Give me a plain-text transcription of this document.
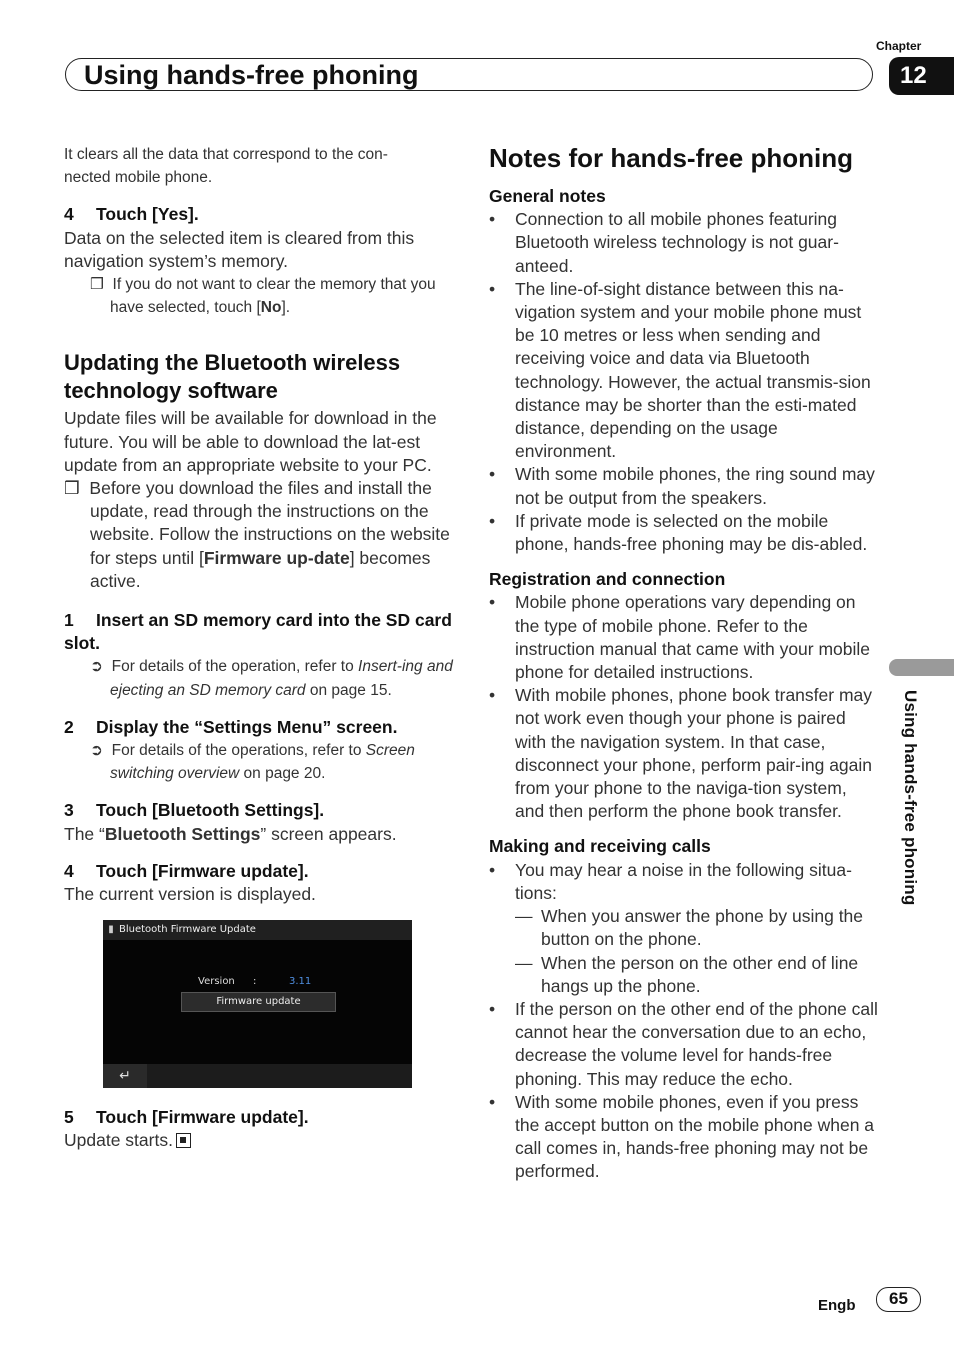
Using hands-free phoning
Chapter
12
Using hands-free phoning

It clears all the data that correspond to the con-
nected mobile phone.

4 Touch [Yes].

Data on the selected item is cleared from this navigation system’s memory.

❒  If you do not want to clear the memory that you have selected, touch [No].

Updating the Bluetooth wireless technology software

Update files will be available for download in the future. You will be able to download the lat-est update from an appropriate website to your PC.

❒  Before you download the files and install the update, read through the instructions on the website. Follow the instructions on the website for steps until [Firmware up-date] becomes active.

1 Insert an SD memory card into the SD card slot.

➲  For details of the operation, refer to Insert-ing and ejecting an SD memory card on page 15.

2 Display the “Settings Menu” screen.

➲  For details of the operations, refer to Screen switching overview on page 20.

3 Touch [Bluetooth Settings].

The “Bluetooth Settings” screen appears.

4 Touch [Firmware update].

The current version is displayed.

▮ Bluetooth Firmware Update
Version :	3.11
Firmware update
↵

5 Touch [Firmware update].

Update starts.

Notes for hands-free phoning

General notes

• Connection to all mobile phones featuring Bluetooth wireless technology is not guar-anteed.

• The line-of-sight distance between this na-vigation system and your mobile phone must be 10 metres or less when sending and receiving voice and data via Bluetooth technology. However, the actual transmis-sion distance may be shorter than the esti-mated distance, depending on the usage environment.

• With some mobile phones, the ring sound may not be output from the speakers.

• If private mode is selected on the mobile phone, hands-free phoning may be dis-abled.

Registration and connection

• Mobile phone operations vary depending on the type of mobile phone. Refer to the instruction manual that came with your mobile phone for detailed instructions.

• With mobile phones, phone book transfer may not work even though your phone is paired with the navigation system. In that case, disconnect your phone, perform pair-ing again from your phone to the naviga-tion system, and then perform the phone book transfer.

Making and receiving calls

• You may hear a noise in the following situa-tions:

— When you answer the phone by using the button on the phone.

— When the person on the other end of line hangs up the phone.

• If the person on the other end of the phone call cannot hear the conversation due to an echo, decrease the volume level for hands-free phoning. This may reduce the echo.

• With some mobile phones, even if you press the accept button on the mobile phone when a call comes in, hands-free phoning may not be performed.

Engb	65
